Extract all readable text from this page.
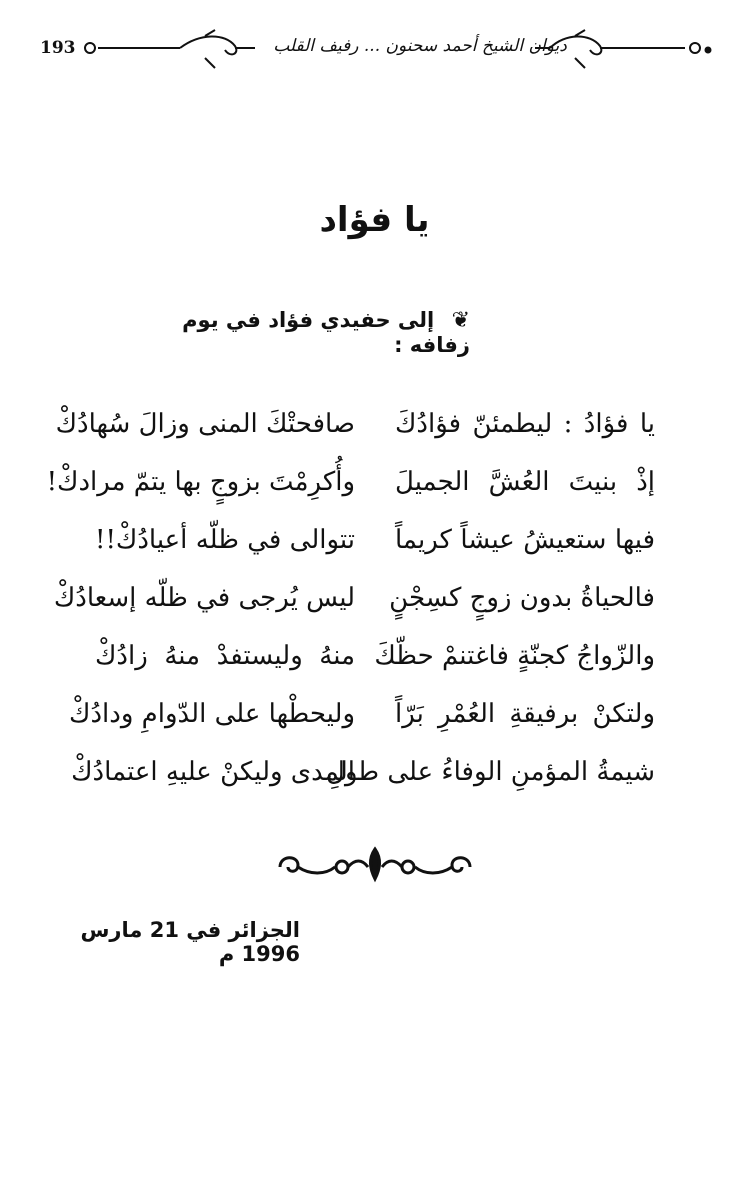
193	ديوان الشيخ أحمد سحنون ... رفيف القلب
يا فؤاد
❦ إلى حفيدي فؤاد في يوم زفافه :
يا فؤادُ : ليطمئنّ فؤادُكَ
صافحتْكَ المنى وزالَ سُهادُكْ
إذْ بنيتَ العُشَّ الجميلَ
وأُكرِمْتَ بزوجٍ بها يتمّ مرادكْ!
فيها ستعيشُ عيشاً كريماً
تتوالى في ظلّه أعيادُكْ!!
فالحياةُ بدون زوجٍ كسِجْنٍ
ليس يُرجى في ظلّه إسعادُكْ
والزّواجُ كجنّةٍ فاغتنمْ حظّكَ
منهُ وليستفدْ منهُ زادُكْ
ولتكنْ برفيقةِ العُمْرِ بَرّاً
وليحطْها على الدّوامِ ودادُكْ
شيمةُ المؤمنِ الوفاءُ على طولِ
المدى وليكنْ عليهِ اعتمادُكْ
الجزائر في 21 مارس 1996 م
